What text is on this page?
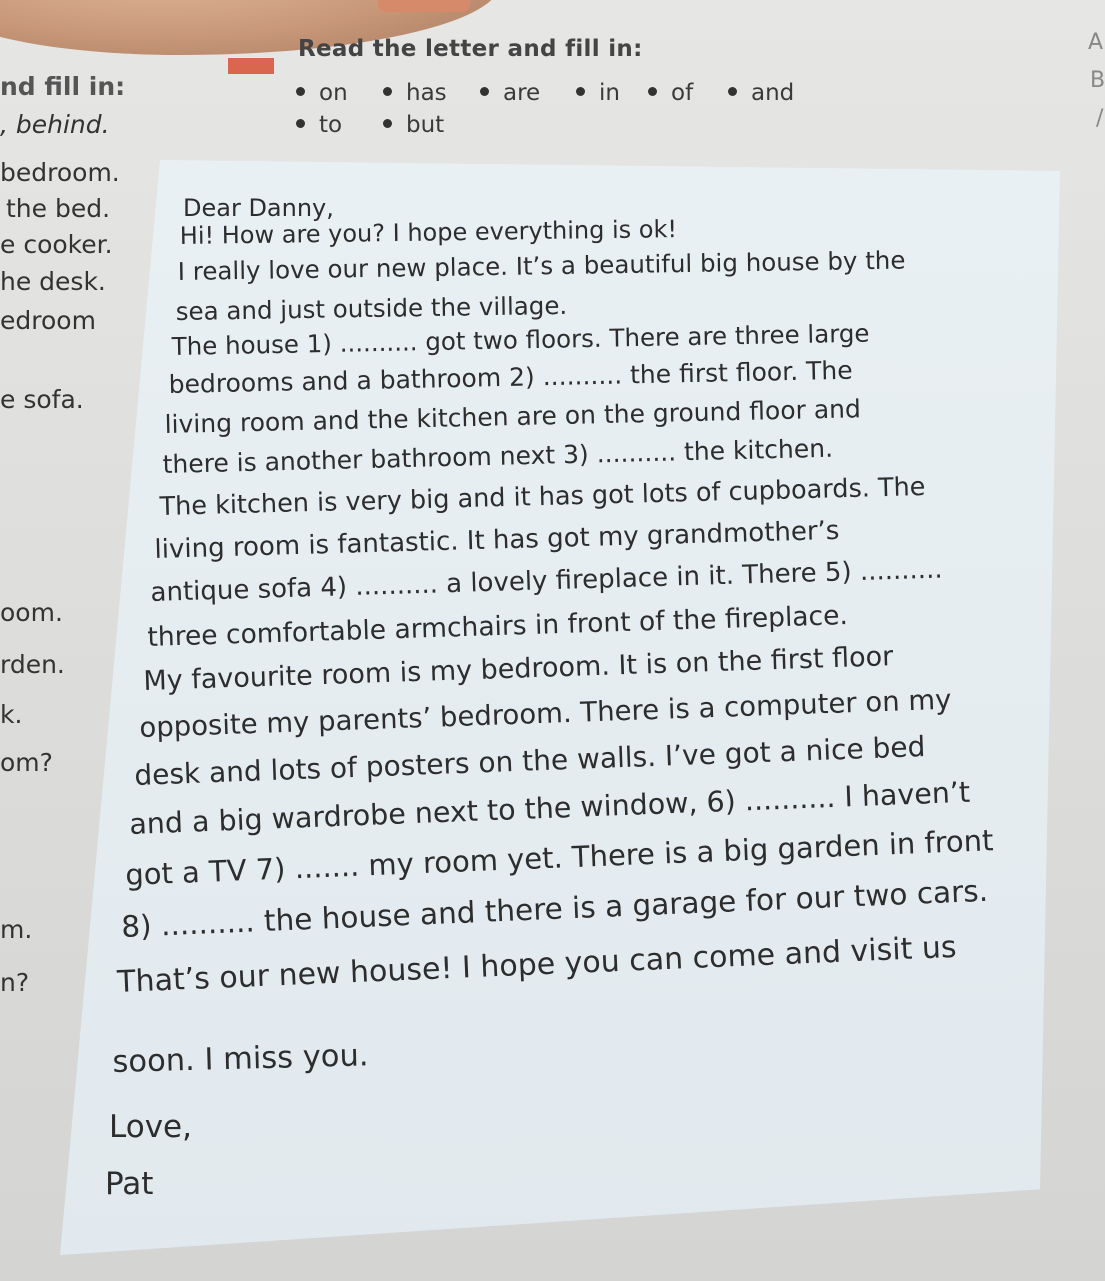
nd fill in:
, behind.
bedroom.
the bed.
e cooker.
he desk.
edroom
e sofa.
oom.
rden.
k.
om?
m.
n?
Read the letter and fill in:
on	has	are	in	of	and
to	but
A
B
/
Dear Danny,
Hi! How are you? I hope everything is ok!
I really love our new place. It’s a beautiful big house by the
sea and just outside the village.
The house 1) .......... got two floors. There are three large
bedrooms and a bathroom 2) .......... the first floor. The
living room and the kitchen are on the ground floor and
there is another bathroom next 3) .......... the kitchen.
The kitchen is very big and it has got lots of cupboards. The
living room is fantastic. It has got my grandmother’s
antique sofa 4) .......... a lovely fireplace in it. There 5) ..........
three comfortable armchairs in front of the fireplace.
My favourite room is my bedroom. It is on the first floor
opposite my parents’ bedroom. There is a computer on my
desk and lots of posters on the walls. I’ve got a nice bed
and a big wardrobe next to the window, 6) .......... I haven’t
got a TV 7) ....... my room yet. There is a big garden in front
8) .......... the house and there is a garage for our two cars.
That’s our new house! I hope you can come and visit us
soon. I miss you.
Love,
Pat
